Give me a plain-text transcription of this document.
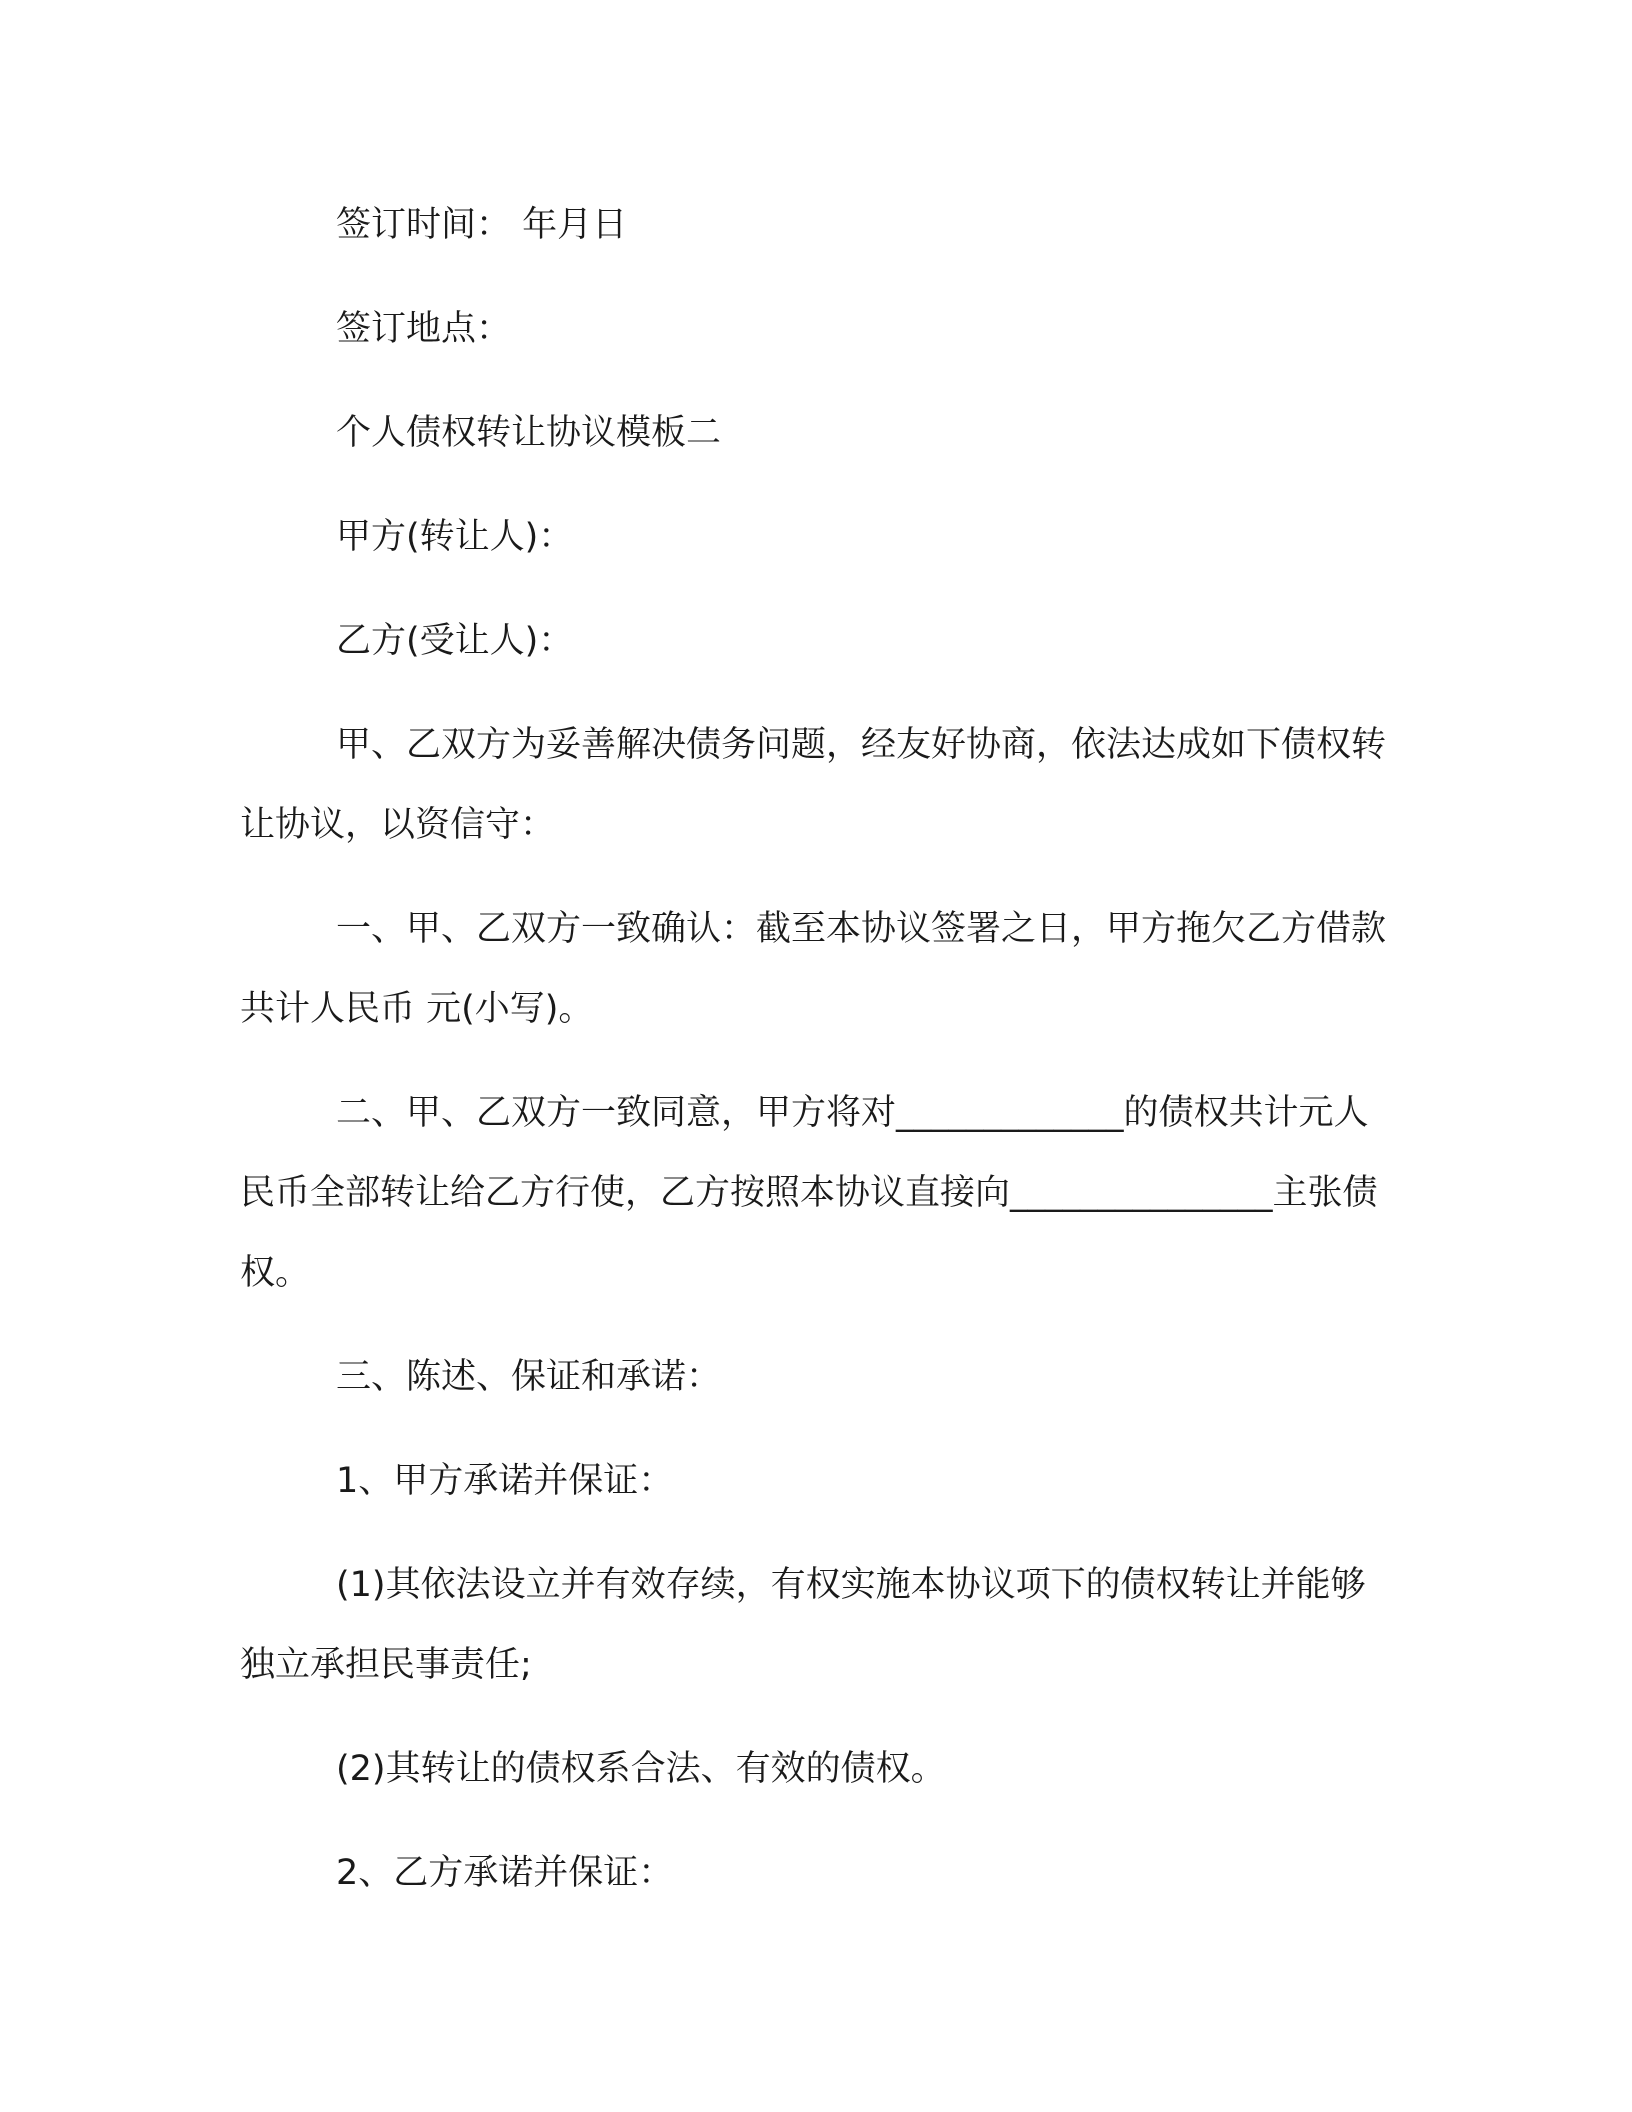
签订时间： 年月日

签订地点：

个人债权转让协议模板二

甲方(转让人)：

乙方(受让人)：

甲、乙双方为妥善解决债务问题，经友好协商，依法达成如下债权转让协议，以资信守：

一、甲、乙双方一致确认：截至本协议签署之日，甲方拖欠乙方借款共计人民币 元(小写)。

二、甲、乙双方一致同意，甲方将对_____________的债权共计元人民币全部转让给乙方行使，乙方按照本协议直接向_______________主张债权。

三、陈述、保证和承诺：

1、甲方承诺并保证：

(1)其依法设立并有效存续，有权实施本协议项下的债权转让并能够独立承担民事责任;

(2)其转让的债权系合法、有效的债权。

2、乙方承诺并保证：
